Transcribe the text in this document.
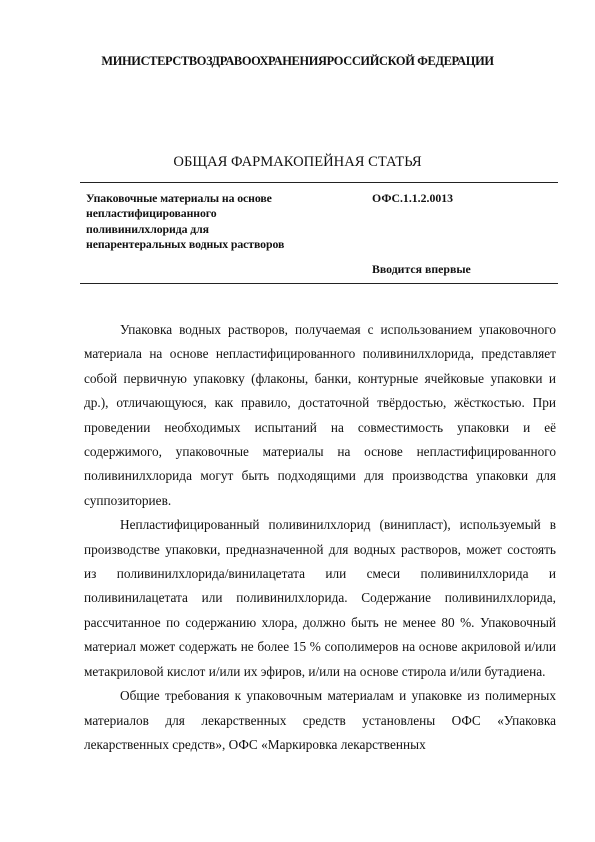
МИНИСТЕРСТВОЗДРАВООХРАНЕНИЯРОССИЙСКОЙ ФЕДЕРАЦИИ
ОБЩАЯ ФАРМАКОПЕЙНАЯ СТАТЬЯ
Упаковочные материалы на основе
непластифицированного
поливинилхлорида для
непарентеральных водных растворов
ОФС.1.1.2.0013
Вводится впервые

Упаковка водных растворов, получаемая с использованием упаковочного материала на основе непластифицированного поливинилхлорида, представляет собой первичную упаковку (флаконы, банки, контурные ячейковые упаковки и др.), отличающуюся, как правило, достаточной твёрдостью, жёсткостью. При проведении необходимых испытаний на совместимость упаковки и её содержимого, упаковочные материалы на основе непластифицированного поливинилхлорида могут быть подходящими для производства упаковки для суппозиториев.

Непластифицированный поливинилхлорид (винипласт), используемый в производстве упаковки, предназначенной для водных растворов, может состоять из поливинилхлорида/винилацетата или смеси поливинилхлорида и поливинилацетата или поливинилхлорида. Содержание поливинилхлорида, рассчитанное по содержанию хлора, должно быть не менее 80 %. Упаковочный материал может содержать не более 15 % сополимеров на основе акриловой и/или метакриловой кислот и/или их эфиров, и/или на основе стирола и/или бутадиена.

Общие требования к упаковочным материалам и упаковке из полимерных материалов для лекарственных средств установлены ОФС «Упаковка лекарственных средств», ОФС «Маркировка лекарственных
